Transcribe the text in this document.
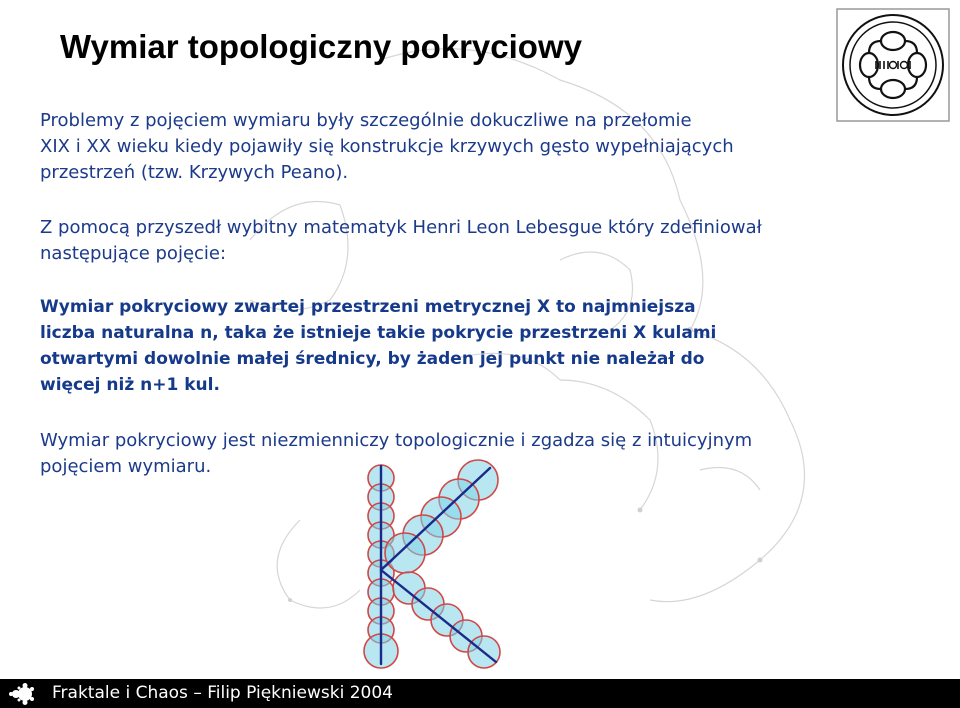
Wymiar topologiczny pokryciowy

Problemy z pojęciem wymiaru były szczególnie dokuczliwe na przełomie
XIX i XX wieku kiedy pojawiły się konstrukcje krzywych gęsto wypełniających
przestrzeń (tzw. Krzywych Peano).

Z pomocą przyszedł wybitny matematyk Henri Leon Lebesgue który zdefiniował
następujące pojęcie:

Wymiar pokryciowy zwartej przestrzeni metrycznej X to najmniejsza
liczba naturalna n, taka że istnieje takie pokrycie przestrzeni X kulami
otwartymi dowolnie małej średnicy, by żaden jej punkt nie należał do
więcej niż n+1 kul.

Wymiar pokryciowy jest niezmienniczy topologicznie i zgadza się z intuicyjnym
pojęciem wymiaru.

Fraktale i Chaos – Filip Piękniewski 2004
